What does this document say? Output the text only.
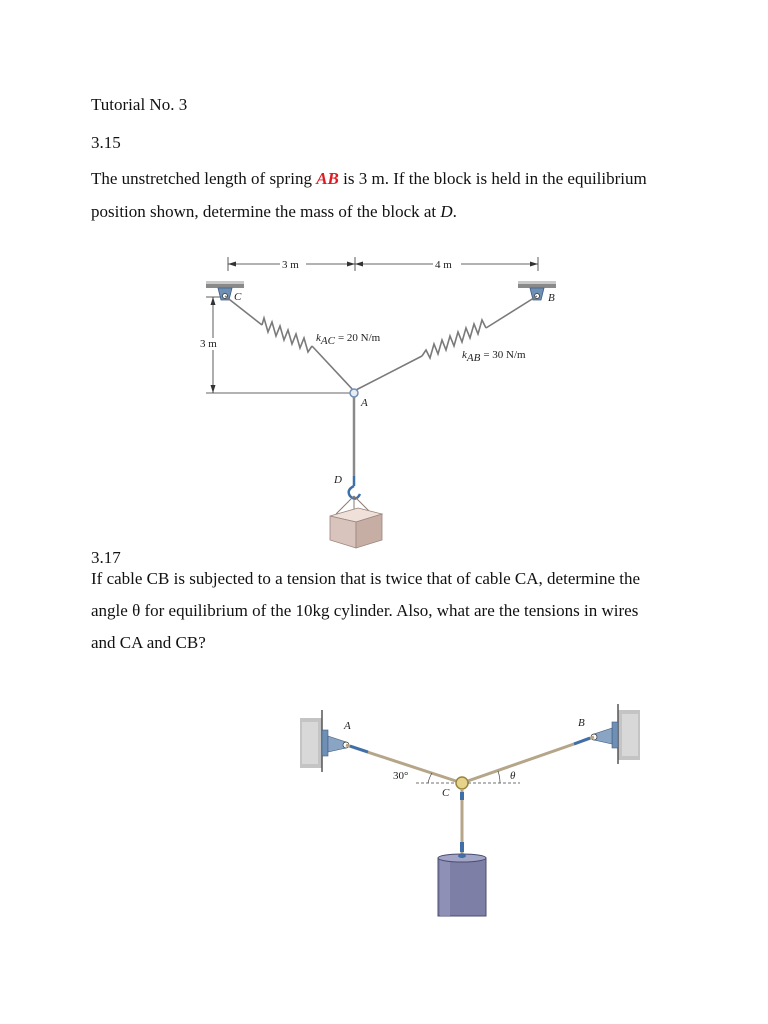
Tutorial No. 3
3.15
The unstretched length of spring AB is 3 m. If the block is held in the equilibrium
position shown, determine the mass of the block at D.
3 m	4 m
3 m
C	B
kAC = 20 N/m
kAB = 30 N/m
A
D
3.17
If cable CB is subjected to a tension that is twice that of cable CA, determine the
angle θ for equilibrium of the 10kg cylinder. Also, what are the tensions in wires
and CA and CB?
A	B
C
30°	θ
